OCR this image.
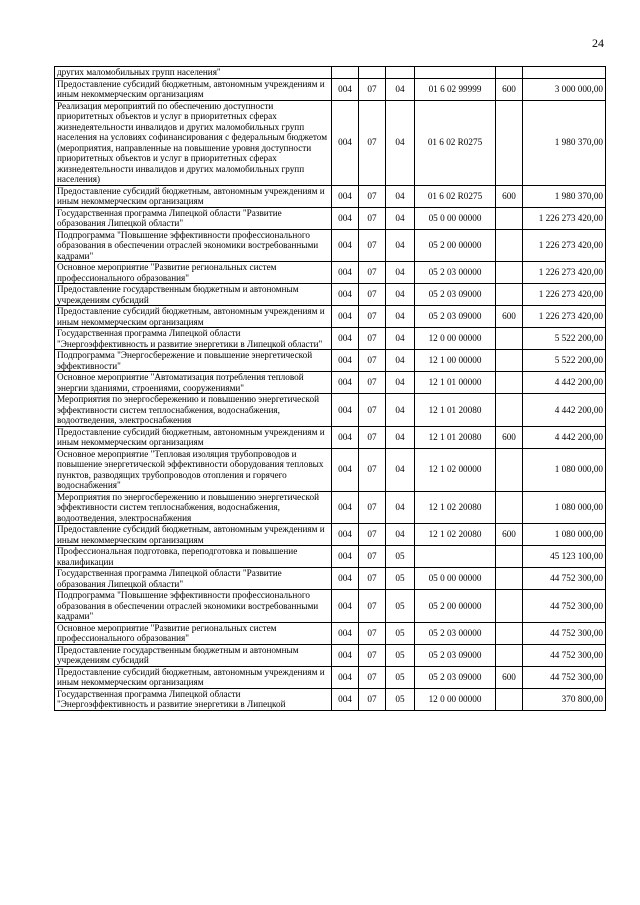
24
других маломобильных групп населения"						
Предоставление субсидий бюджетным, автономным учреждениям и иным некоммерческим организациям	004	07	04	01 6 02 99999	600	3 000 000,00
Реализация мероприятий по обеспечению доступности приоритетных объектов и услуг в приоритетных сферах жизнедеятельности инвалидов и других маломобильных групп населения на условиях софинансирования с федеральным бюджетом (мероприятия, направленные на повышение уровня доступности приоритетных объектов и услуг в приоритетных сферах жизнедеятельности инвалидов и других маломобильных групп населения)	004	07	04	01 6 02 R0275		1 980 370,00
Предоставление субсидий бюджетным, автономным учреждениям и иным некоммерческим организациям	004	07	04	01 6 02 R0275	600	1 980 370,00
Государственная программа Липецкой области "Развитие образования Липецкой области"	004	07	04	05 0 00 00000		1 226 273 420,00
Подпрограмма "Повышение эффективности профессионального образования в обеспечении отраслей экономики востребованными кадрами"	004	07	04	05 2 00 00000		1 226 273 420,00
Основное мероприятие "Развитие региональных систем профессионального образования"	004	07	04	05 2 03 00000		1 226 273 420,00
Предоставление государственным бюджетным и автономным учреждениям субсидий	004	07	04	05 2 03 09000		1 226 273 420,00
Предоставление субсидий бюджетным, автономным учреждениям и иным некоммерческим организациям	004	07	04	05 2 03 09000	600	1 226 273 420,00
Государственная программа Липецкой области "Энергоэффективность и развитие энергетики в Липецкой области"	004	07	04	12 0 00 00000		5 522 200,00
Подпрограмма "Энергосбережение и повышение энергетической эффективности"	004	07	04	12 1 00 00000		5 522 200,00
Основное мероприятие "Автоматизация потребления тепловой энергии зданиями, строениями, сооружениями"	004	07	04	12 1 01 00000		4 442 200,00
Мероприятия по энергосбережению и повышению энергетической эффективности систем теплоснабжения, водоснабжения, водоотведения, электроснабжения	004	07	04	12 1 01 20080		4 442 200,00
Предоставление субсидий бюджетным, автономным учреждениям и иным некоммерческим организациям	004	07	04	12 1 01 20080	600	4 442 200,00
Основное мероприятие "Тепловая изоляция трубопроводов и повышение энергетической эффективности оборудования тепловых пунктов, разводящих трубопроводов отопления и горячего водоснабжения"	004	07	04	12 1 02 00000		1 080 000,00
Мероприятия по энергосбережению и повышению энергетической эффективности систем теплоснабжения, водоснабжения, водоотведения, электроснабжения	004	07	04	12 1 02 20080		1 080 000,00
Предоставление субсидий бюджетным, автономным учреждениям и иным некоммерческим организациям	004	07	04	12 1 02 20080	600	1 080 000,00
Профессиональная подготовка, переподготовка и повышение квалификации	004	07	05			45 123 100,00
Государственная программа Липецкой области "Развитие образования Липецкой области"	004	07	05	05 0 00 00000		44 752 300,00
Подпрограмма "Повышение эффективности профессионального образования в обеспечении отраслей экономики востребованными кадрами"	004	07	05	05 2 00 00000		44 752 300,00
Основное мероприятие "Развитие региональных систем профессионального образования"	004	07	05	05 2 03 00000		44 752 300,00
Предоставление государственным бюджетным и автономным учреждениям субсидий	004	07	05	05 2 03 09000		44 752 300,00
Предоставление субсидий бюджетным, автономным учреждениям и иным некоммерческим организациям	004	07	05	05 2 03 09000	600	44 752 300,00
Государственная программа Липецкой области "Энергоэффективность и развитие энергетики в Липецкой	004	07	05	12 0 00 00000		370 800,00
